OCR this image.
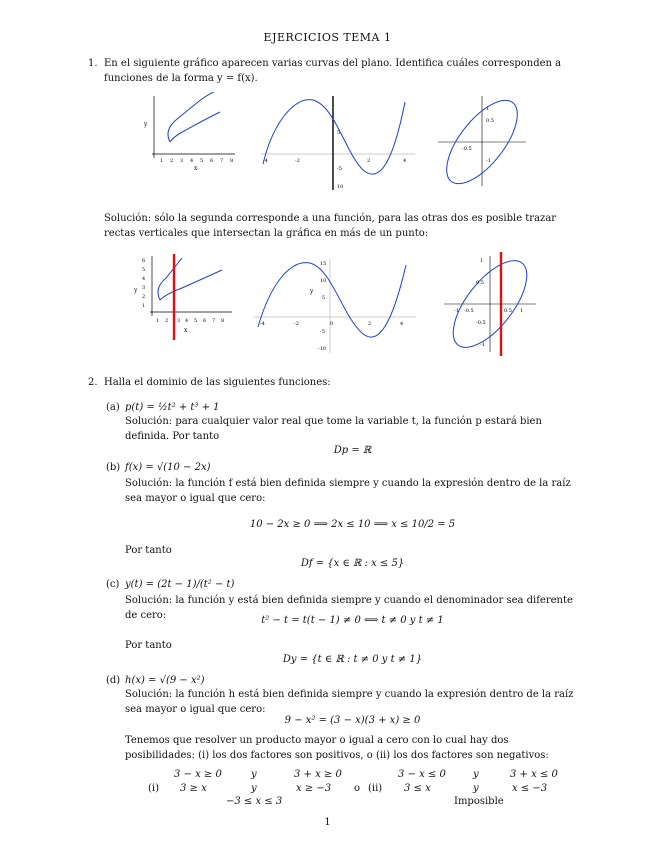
EJERCICIOS TEMA 1
1. En el siguiente gráfico aparecen varias curvas del plano. Identifica cuáles corresponden a funciones de la forma y = f(x).
y
x
1 2 3 4 5 6 7 8
5
-5
10
-4	-2	2	4
1
0.5
-0.5
-1
Solución: sólo la segunda corresponde a una función, para las otras dos es posible trazar rectas verticales que intersectan la gráfica en más de un punto:
6
5
4
3
2
1
y
1 2 3 4 5 6 7 8
x
15
10
5
-5
-10
y
-4	-2	0	2	4
1
0.5
-1 -0.5	0.5 1
-0.5
-1
2. Halla el dominio de las siguientes funciones:
(a) p(t) = ½t² + t³ + 1
Solución: para cualquier valor real que tome la variable t, la función p estará bien definida. Por tanto
Dp = ℝ
(b) f(x) = √(10 − 2x)
Solución: la función f está bien definida siempre y cuando la expresión dentro de la raíz sea mayor o igual que cero:
10 − 2x ≥ 0 ⟹ 2x ≤ 10 ⟹ x ≤ 10/2 = 5
Por tanto
Df = {x ∈ ℝ : x ≤ 5}
(c) y(t) = (2t − 1)/(t² − t)
Solución: la función y está bien definida siempre y cuando el denominador sea diferente de cero:	t² − t = t(t − 1) ≠ 0 ⟺ t ≠ 0 y t ≠ 1
Por tanto
Dy = {t ∈ ℝ : t ≠ 0 y t ≠ 1}
(d) h(x) = √(9 − x²)
Solución: la función h está bien definida siempre y cuando la expresión dentro de la raíz sea mayor o igual que cero:
9 − x² = (3 − x)(3 + x) ≥ 0
Tenemos que resolver un producto mayor o igual a cero con lo cual hay dos posibilidades: (i) los dos factores son positivos, o (ii) los dos factores son negativos:
(i)
3 − x ≥ 0	y	3 + x ≥ 0
3 ≥ x	y	x ≥ −3
−3 ≤ x ≤ 3
o (ii)
3 − x ≤ 0	y	3 + x ≤ 0
3 ≤ x	y	x ≤ −3
Imposible
1
